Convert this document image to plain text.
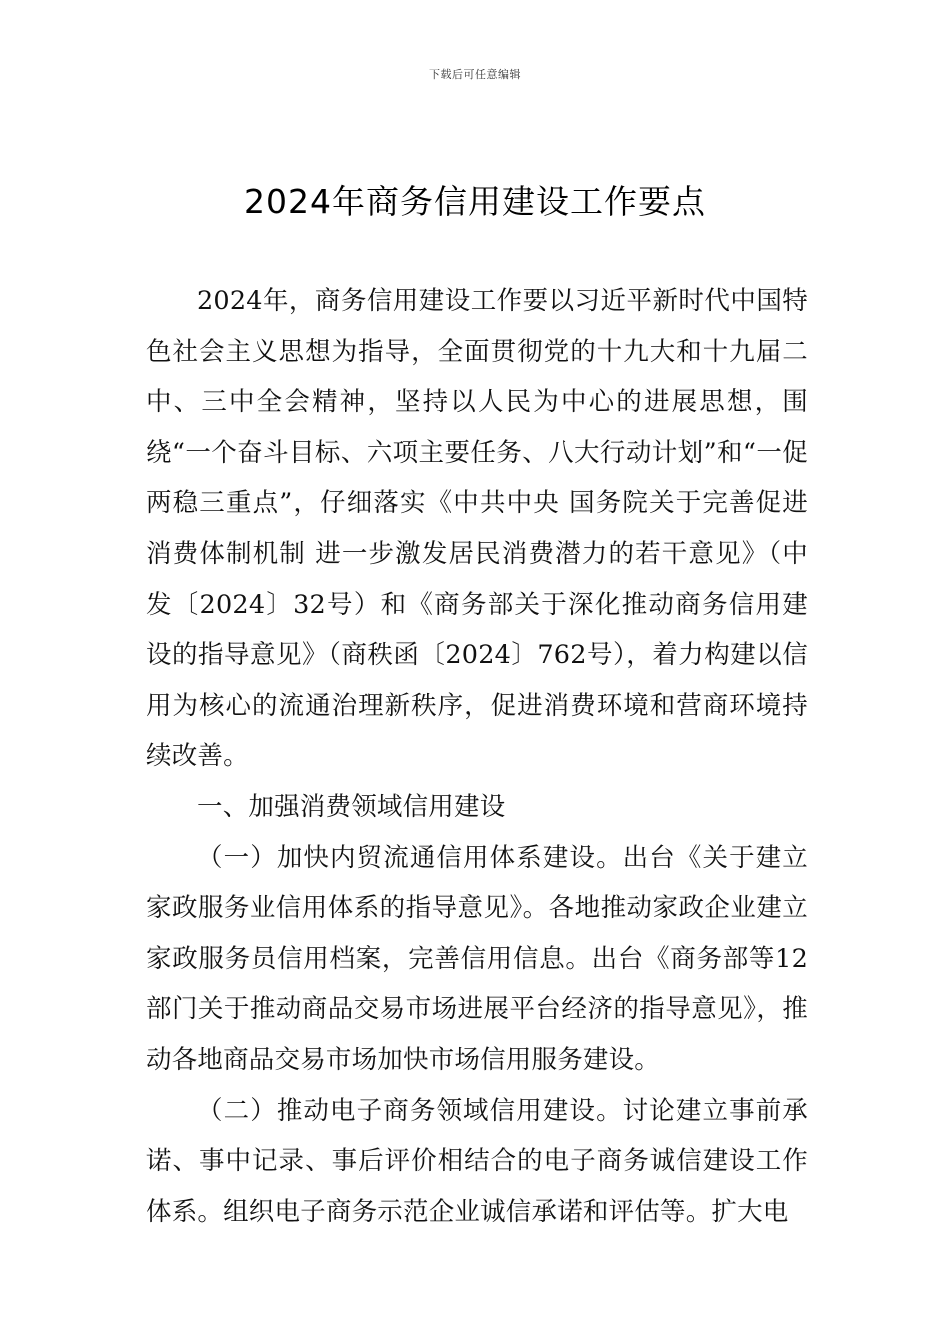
下载后可任意编辑
2024年商务信用建设工作要点

2024年，商务信用建设工作要以习近平新时代中国特色社会主义思想为指导，全面贯彻党的十九大和十九届二中、三中全会精神，坚持以人民为中心的进展思想，围绕“一个奋斗目标、六项主要任务、八大行动计划”和“一促两稳三重点”，仔细落实《中共中央 国务院关于完善促进消费体制机制 进一步激发居民消费潜力的若干意见》（中发〔2024〕32号）和《商务部关于深化推动商务信用建设的指导意见》（商秩函〔2024〕762号），着力构建以信用为核心的流通治理新秩序，促进消费环境和营商环境持续改善。

一、加强消费领域信用建设

（一）加快内贸流通信用体系建设。出台《关于建立家政服务业信用体系的指导意见》。各地推动家政企业建立家政服务员信用档案，完善信用信息。出台《商务部等12部门关于推动商品交易市场进展平台经济的指导意见》，推动各地商品交易市场加快市场信用服务建设。

（二）推动电子商务领域信用建设。讨论建立事前承诺、事中记录、事后评价相结合的电子商务诚信建设工作体系。组织电子商务示范企业诚信承诺和评估等。扩大电
